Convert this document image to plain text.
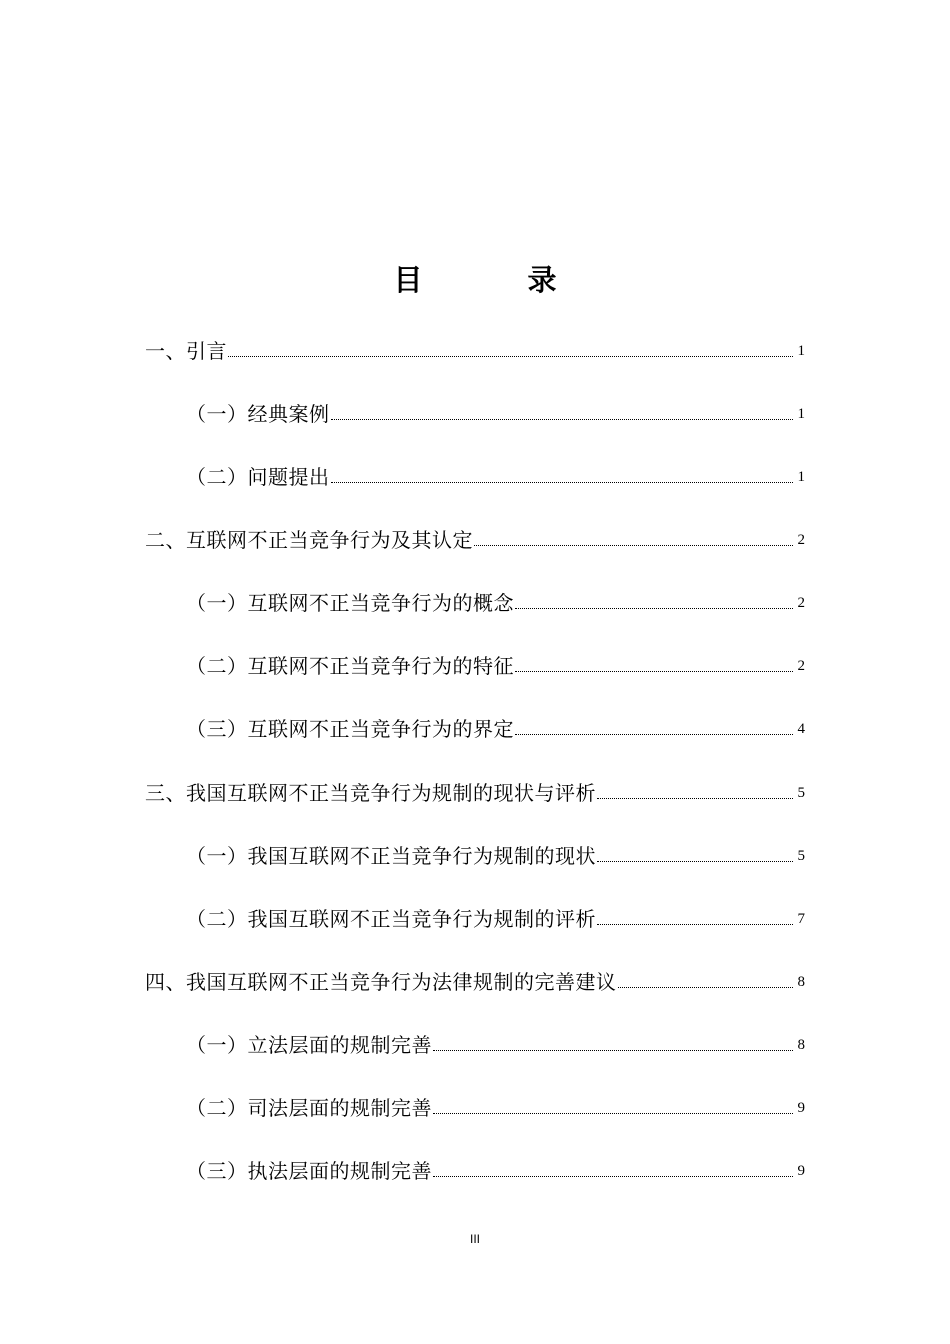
目　录
一、引言	1
（一）经典案例	1
（二）问题提出	1
二、互联网不正当竞争行为及其认定	2
（一）互联网不正当竞争行为的概念	2
（二）互联网不正当竞争行为的特征	2
（三）互联网不正当竞争行为的界定	4
三、我国互联网不正当竞争行为规制的现状与评析	5
（一）我国互联网不正当竞争行为规制的现状	5
（二）我国互联网不正当竞争行为规制的评析	7
四、我国互联网不正当竞争行为法律规制的完善建议	8
（一）立法层面的规制完善	8
（二）司法层面的规制完善	9
（三）执法层面的规制完善	9
III
